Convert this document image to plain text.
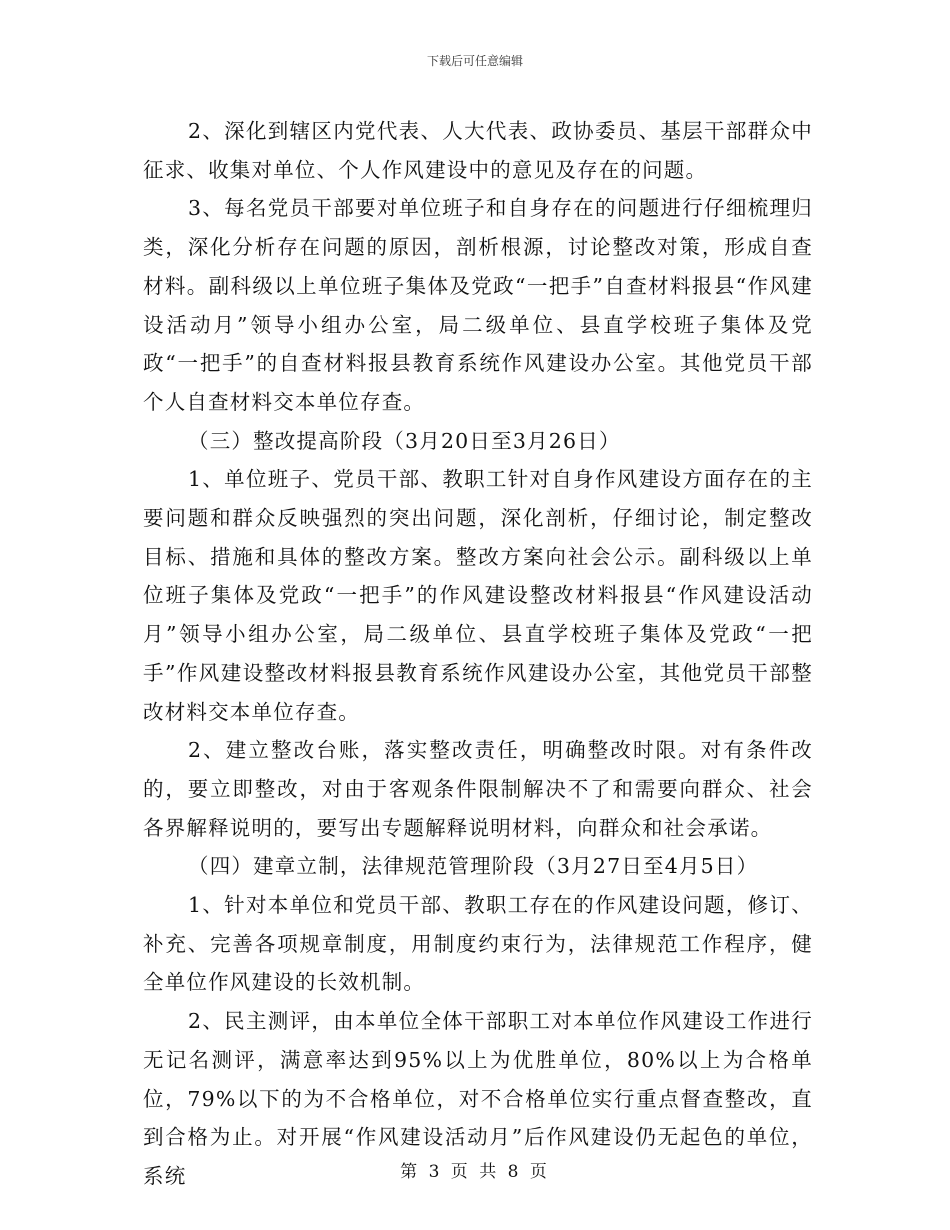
下载后可任意编辑

2、深化到辖区内党代表、人大代表、政协委员、基层干部群众中征求、收集对单位、个人作风建设中的意见及存在的问题。

3、每名党员干部要对单位班子和自身存在的问题进行仔细梳理归类，深化分析存在问题的原因，剖析根源，讨论整改对策，形成自查材料。副科级以上单位班子集体及党政“一把手”自查材料报县“作风建设活动月”领导小组办公室，局二级单位、县直学校班子集体及党政“一把手”的自查材料报县教育系统作风建设办公室。其他党员干部个人自查材料交本单位存查。

（三）整改提高阶段（3月20日至3月26日）

1、单位班子、党员干部、教职工针对自身作风建设方面存在的主要问题和群众反映强烈的突出问题，深化剖析，仔细讨论，制定整改目标、措施和具体的整改方案。整改方案向社会公示。副科级以上单位班子集体及党政“一把手”的作风建设整改材料报县“作风建设活动月”领导小组办公室，局二级单位、县直学校班子集体及党政“一把手”作风建设整改材料报县教育系统作风建设办公室，其他党员干部整改材料交本单位存查。

2、建立整改台账，落实整改责任，明确整改时限。对有条件改的，要立即整改，对由于客观条件限制解决不了和需要向群众、社会各界解释说明的，要写出专题解释说明材料，向群众和社会承诺。

（四）建章立制，法律规范管理阶段（3月27日至4月5日）

1、针对本单位和党员干部、教职工存在的作风建设问题，修订、补充、完善各项规章制度，用制度约束行为，法律规范工作程序，健全单位作风建设的长效机制。

2、民主测评，由本单位全体干部职工对本单位作风建设工作进行无记名测评，满意率达到95%以上为优胜单位，80%以上为合格单位，79%以下的为不合格单位，对不合格单位实行重点督查整改，直到合格为止。对开展“作风建设活动月”后作风建设仍无起色的单位，系统	第 3 页 共 8 页
